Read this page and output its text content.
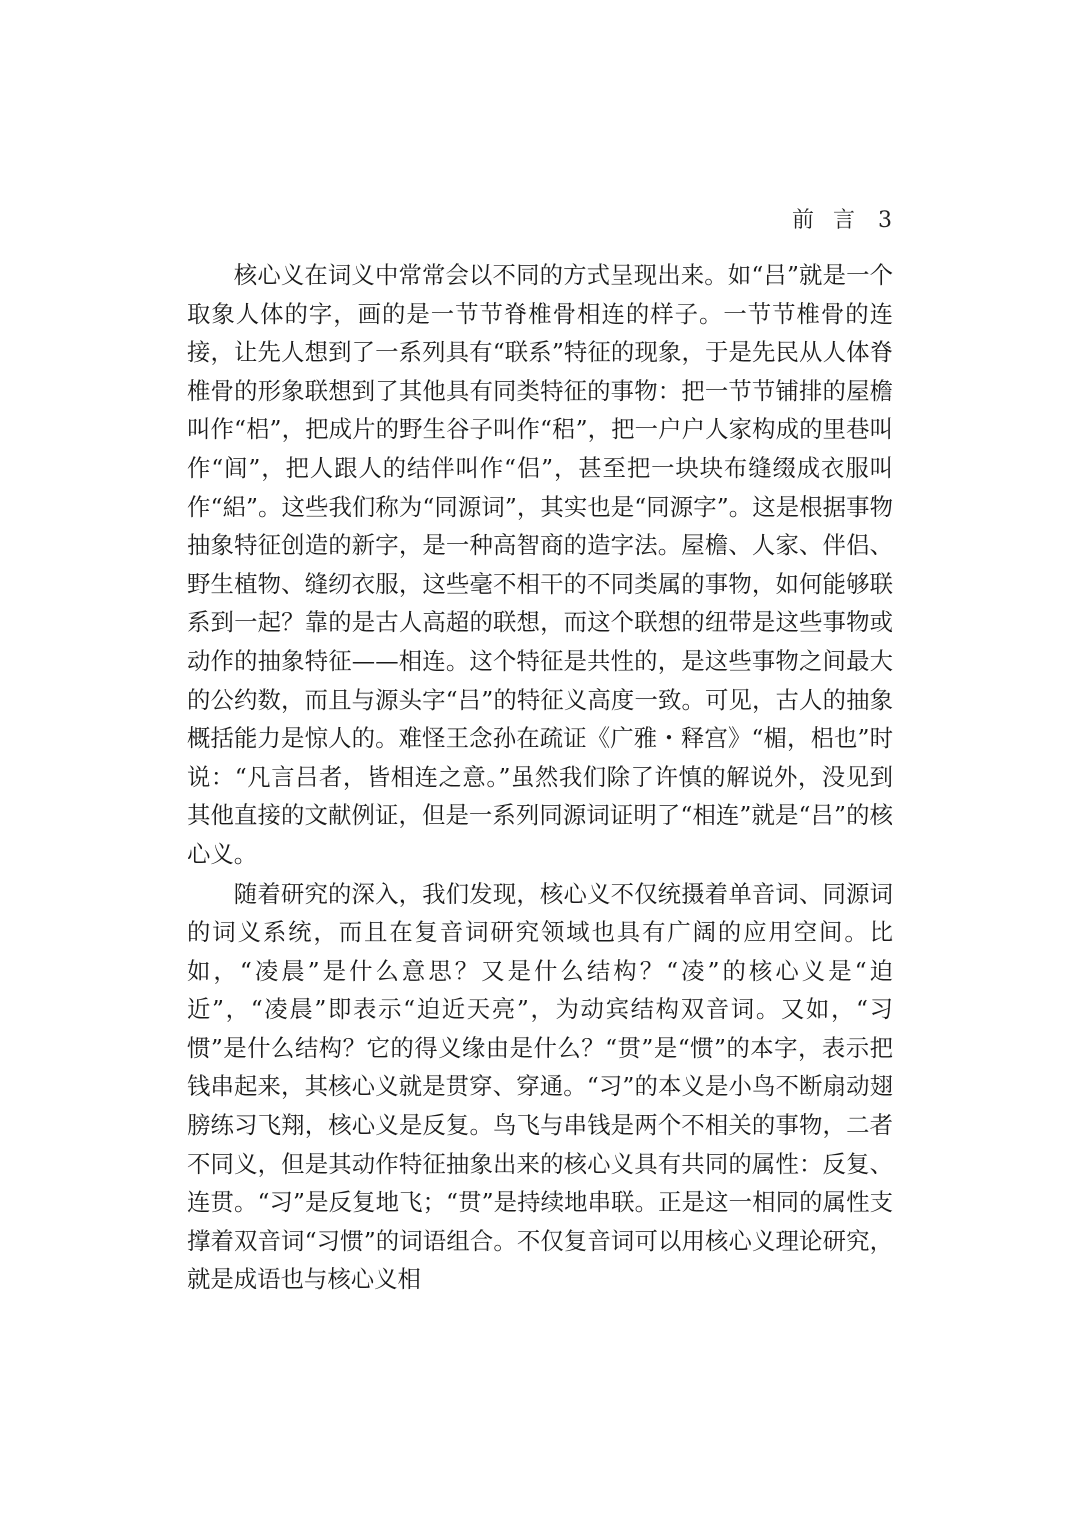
前 言 3

核心义在词义中常常会以不同的方式呈现出来。如“吕”就是一个取象人体的字，画的是一节节脊椎骨相连的样子。一节节椎骨的连接，让先人想到了一系列具有“联系”特征的现象，于是先民从人体脊椎骨的形象联想到了其他具有同类特征的事物：把一节节铺排的屋檐叫作“梠”，把成片的野生谷子叫作“稆”，把一户户人家构成的里巷叫作“闾”，把人跟人的结伴叫作“侣”，甚至把一块块布缝缀成衣服叫作“絽”。这些我们称为“同源词”，其实也是“同源字”。这是根据事物抽象特征创造的新字，是一种高智商的造字法。屋檐、人家、伴侣、野生植物、缝纫衣服，这些毫不相干的不同类属的事物，如何能够联系到一起？靠的是古人高超的联想，而这个联想的纽带是这些事物或动作的抽象特征——相连。这个特征是共性的，是这些事物之间最大的公约数，而且与源头字“吕”的特征义高度一致。可见，古人的抽象概括能力是惊人的。难怪王念孙在疏证《广雅・释宫》“楣，梠也”时说：“凡言吕者，皆相连之意。”虽然我们除了许慎的解说外，没见到其他直接的文献例证，但是一系列同源词证明了“相连”就是“吕”的核心义。

随着研究的深入，我们发现，核心义不仅统摄着单音词、同源词的词义系统，而且在复音词研究领域也具有广阔的应用空间。比如，“凌晨”是什么意思？又是什么结构？“凌”的核心义是“迫近”，“凌晨”即表示“迫近天亮”，为动宾结构双音词。又如，“习惯”是什么结构？它的得义缘由是什么？“贯”是“惯”的本字，表示把钱串起来，其核心义就是贯穿、穿通。“习”的本义是小鸟不断扇动翅膀练习飞翔，核心义是反复。鸟飞与串钱是两个不相关的事物，二者不同义，但是其动作特征抽象出来的核心义具有共同的属性：反复、连贯。“习”是反复地飞；“贯”是持续地串联。正是这一相同的属性支撑着双音词“习惯”的词语组合。不仅复音词可以用核心义理论研究，就是成语也与核心义相
